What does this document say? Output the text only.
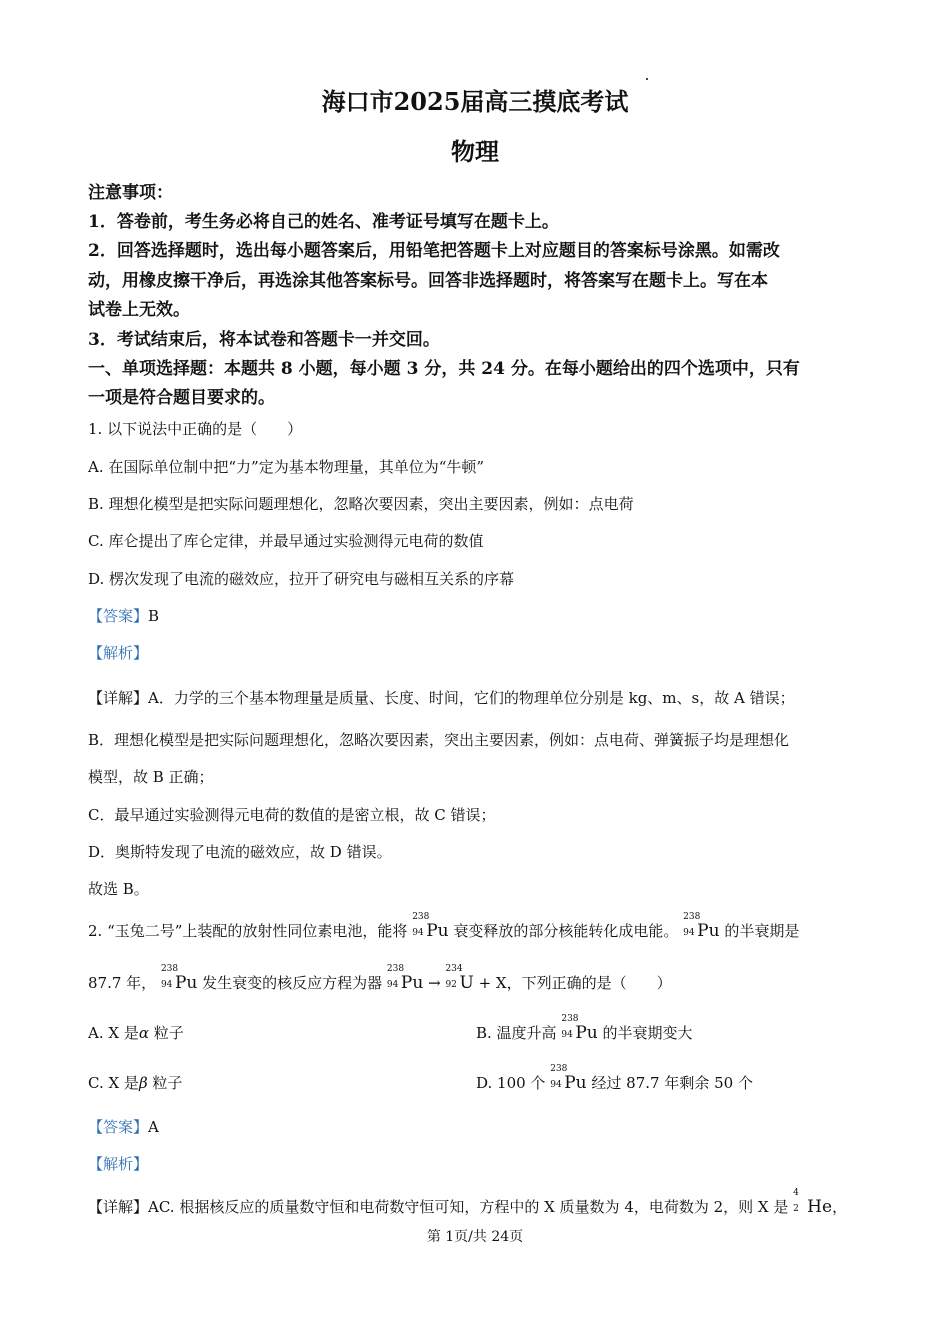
海口市2025届高三摸底考试
物理
注意事项：
1．答卷前，考生务必将自己的姓名、准考证号填写在题卡上。
2．回答选择题时，选出每小题答案后，用铅笔把答题卡上对应题目的答案标号涂黑。如需改
动，用橡皮擦干净后，再选涂其他答案标号。回答非选择题时，将答案写在题卡上。写在本
试卷上无效。
3．考试结束后，将本试卷和答题卡一并交回。
一、单项选择题：本题共 8 小题，每小题 3 分，共 24 分。在每小题给出的四个选项中，只有
一项是符合题目要求的。
1. 以下说法中正确的是（　　）
A. 在国际单位制中把“力”定为基本物理量，其单位为“牛顿”
B. 理想化模型是把实际问题理想化，忽略次要因素，突出主要因素，例如：点电荷
C. 库仑提出了库仑定律，并最早通过实验测得元电荷的数值
D. 楞次发现了电流的磁效应，拉开了研究电与磁相互关系的序幕
【答案】B
【解析】
【详解】A．力学的三个基本物理量是质量、长度、时间，它们的物理单位分别是 kg、m、s，故 A 错误；
B．理想化模型是把实际问题理想化，忽略次要因素，突出主要因素，例如：点电荷、弹簧振子均是理想化
模型，故 B 正确；
C．最早通过实验测得元电荷的数值的是密立根，故 C 错误；
D．奥斯特发现了电流的磁效应，故 D 错误。
故选 B。
2. “玉兔二号”上装配的放射性同位素电池，能将
238
94 Pu 衰变释放的部分核能转化成电能。
238
94 Pu 的半衰期是
87.7 年，
238
94 Pu 发生衰变的核反应方程为器
238
94 Pu →
234
92 U + X，下列正确的是（　　）
A. X 是α 粒子	B. 温度升高
238
94 Pu 的半衰期变大
C. X 是β 粒子	D. 100 个
238
94 Pu 经过 87.7 年剩余 50 个
【答案】A
【解析】
【详解】AC. 根据核反应的质量数守恒和电荷数守恒可知，方程中的 X 质量数为 4，电荷数为 2，则 X 是
4
2 He，
第 1页/共 24页
